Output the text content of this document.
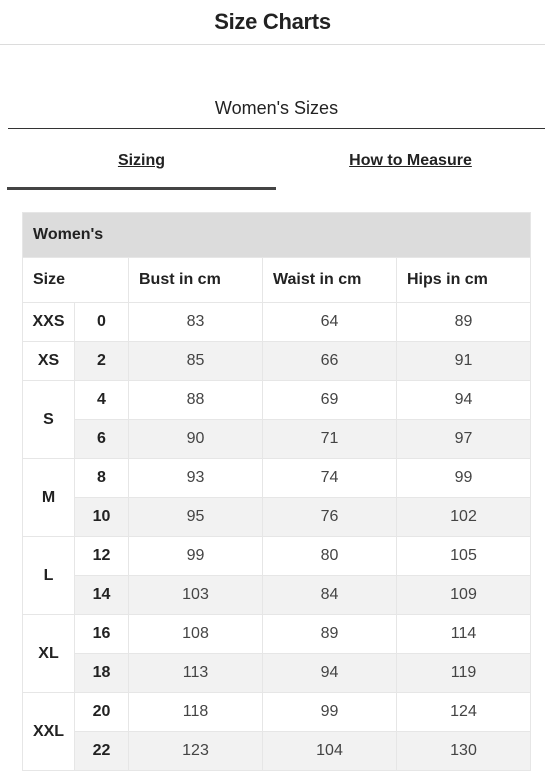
Size Charts
Women's Sizes
Sizing	How to Measure
Women's				
Size		Bust in cm	Waist in cm	Hips in cm
XXS	0	83	64	89
XS	2	85	66	91
S	4	88	69	94
	6	90	71	97
M	8	93	74	99
	10	95	76	102
L	12	99	80	105
	14	103	84	109
XL	16	108	89	114
	18	113	94	119
XXL	20	118	99	124
	22	123	104	130
